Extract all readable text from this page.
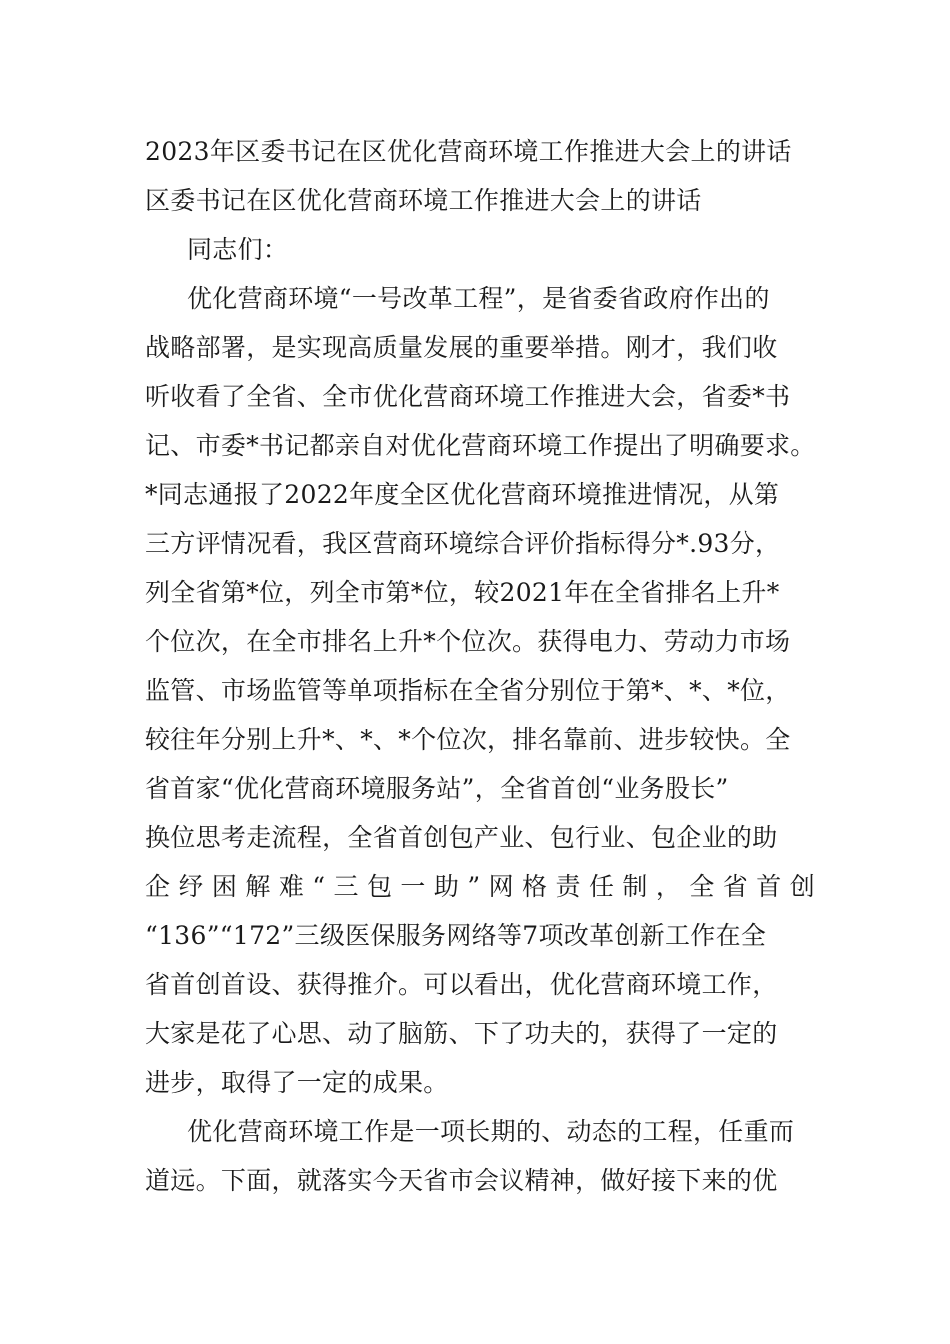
2023年区委书记在区优化营商环境工作推进大会上的讲话
区委书记在区优化营商环境工作推进大会上的讲话
同志们：
优化营商环境“一号改革工程”，是省委省政府作出的
战略部署，是实现高质量发展的重要举措。刚才，我们收
听收看了全省、全市优化营商环境工作推进大会，省委*书
记、市委*书记都亲自对优化营商环境工作提出了明确要求。
*同志通报了2022年度全区优化营商环境推进情况，从第
三方评情况看，我区营商环境综合评价指标得分*.93分，
列全省第*位，列全市第*位，较2021年在全省排名上升*
个位次，在全市排名上升*个位次。获得电力、劳动力市场
监管、市场监管等单项指标在全省分别位于第*、*、*位，
较往年分别上升*、*、*个位次，排名靠前、进步较快。全
省首家“优化营商环境服务站”，全省首创“业务股长”
换位思考走流程，全省首创包产业、包行业、包企业的助
企纾困解难“三包一助”网格责任制，全省首创
“136”“172”三级医保服务网络等7项改革创新工作在全
省首创首设、获得推介。可以看出，优化营商环境工作，
大家是花了心思、动了脑筋、下了功夫的，获得了一定的
进步，取得了一定的成果。
优化营商环境工作是一项长期的、动态的工程，任重而
道远。下面，就落实今天省市会议精神，做好接下来的优
